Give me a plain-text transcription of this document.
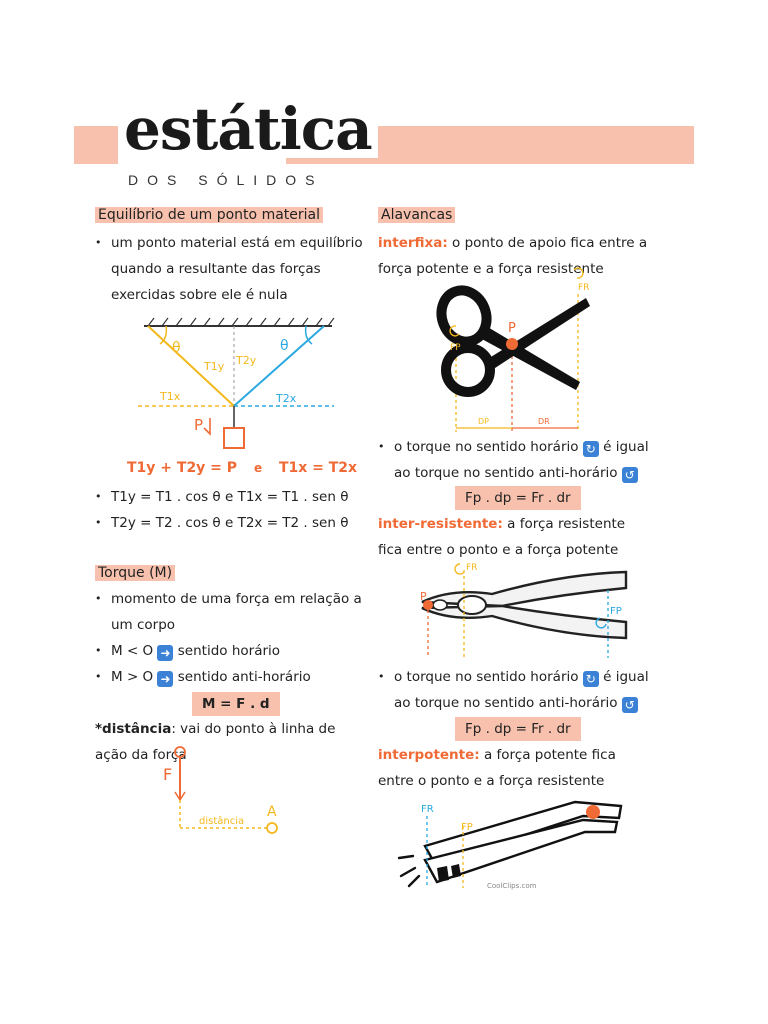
estática
DOS SÓLIDOS
Equilíbrio de um ponto material
• um ponto material está em equilíbrio quando a resultante das forças exercidas sobre ele é nula
θ	θ
T1y T2y
T1x	T2x
P
T1y + T2y = P e T1x = T2x
• T1y = T1 . cos θ e T1x = T1 . sen θ
• T2y = T2 . cos θ e T2x = T2 . sen θ
Torque (M)
• momento de uma força em relação a um corpo
• M < O ➜ sentido horário
• M > O ➜ sentido anti-horário
M = F . d
*distância: vai do ponto à linha de ação da força
F
distância
A
Alavancas
interfixa: o ponto de apoio fica entre a força potente e a força resistente
P
FR
FP
DP	DR
• o torque no sentido horário ↻ é igual ao torque no sentido anti-horário ↺
Fp . dp = Fr . dr
inter-resistente: a força resistente fica entre o ponto e a força potente
P
FR
FP
• o torque no sentido horário ↻ é igual ao torque no sentido anti-horário ↺
Fp . dp = Fr . dr
interpotente: a força potente fica entre o ponto e a força resistente
FR
FP
CoolClips.com
